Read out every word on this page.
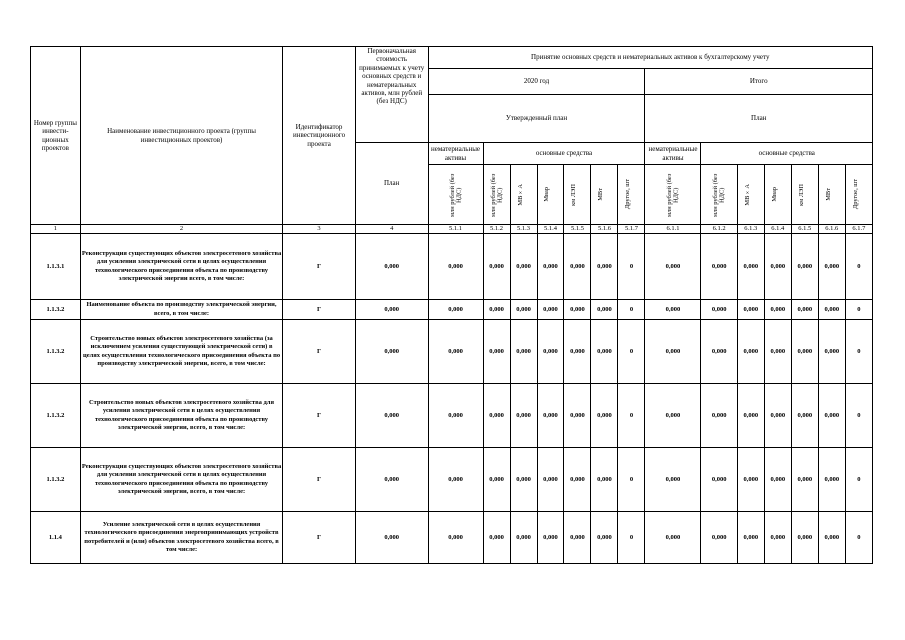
Номер группы инвести-ционных проектов	Наименование инвестиционного проекта (группы инвестиционных проектов)	Идентификатор инвестиционного проекта	Первоначальная стоимость принимаемых к учету основных средств и нематериальных активов, млн рублей (без НДС)	Принятие основных средств и нематериальных активов к бухгалтерскому учету													
				2020 год							Итого						
				Утвержденный план							План						
			План	нематериальные активы	основные средства						нематериальные активы	основные средства					

				млн рублей (без НДС)	млн рублей (без НДС)	МВ×А	Мвар	км ЛЭП	МВт	Другое, шт	млн рублей (без НДС)	млн рублей (без НДС)	МВ×А	Мвар	км ЛЭП	МВт	Другое, шт

1	2	3	4	5.1.1	5.1.2	5.1.3	5.1.4	5.1.5	5.1.6	5.1.7	6.1.1	6.1.2	6.1.3	6.1.4	6.1.5	6.1.6	6.1.7
1.1.3.1	Реконструкция существующих объектов электросетевого хозяйства для усиления электрической сети в целях осуществления технологического присоединения объекта по производству электрической энергии всего, в том числе:	Г	0,000	0,000	0,000	0,000	0,000	0,000	0,000	0	0,000	0,000	0,000	0,000	0,000	0,000	0
1.1.3.2	Наименование объекта по производству электрической энергии, всего, в том числе:	Г	0,000	0,000	0,000	0,000	0,000	0,000	0,000	0	0,000	0,000	0,000	0,000	0,000	0,000	0
1.1.3.2	Строительство новых объектов электросетевого хозяйства (за исключением усиления существующей электрической сети) в целях осуществления технологического присоединения объекта по производству электрической энергии, всего, в том числе:	Г	0,000	0,000	0,000	0,000	0,000	0,000	0,000	0	0,000	0,000	0,000	0,000	0,000	0,000	0
1.1.3.2	Строительство новых объектов электросетевого хозяйства для усиления электрической сети в целях осуществления технологического присоединения объекта по производству электрической энергии, всего, в том числе:	Г	0,000	0,000	0,000	0,000	0,000	0,000	0,000	0	0,000	0,000	0,000	0,000	0,000	0,000	0
1.1.3.2	Реконструкция существующих объектов электросетевого хозяйства для усиления электрической сети в целях осуществления технологического присоединения объекта по производству электрической энергии, всего, в том числе:	Г	0,000	0,000	0,000	0,000	0,000	0,000	0,000	0	0,000	0,000	0,000	0,000	0,000	0,000	0
1.1.4	Усиление электрической сети в целях осуществления технологического присоединения энергопринимающих устройств потребителей и (или) объектов электросетевого хозяйства всего, в том числе:	Г	0,000	0,000	0,000	0,000	0,000	0,000	0,000	0	0,000	0,000	0,000	0,000	0,000	0,000	0
